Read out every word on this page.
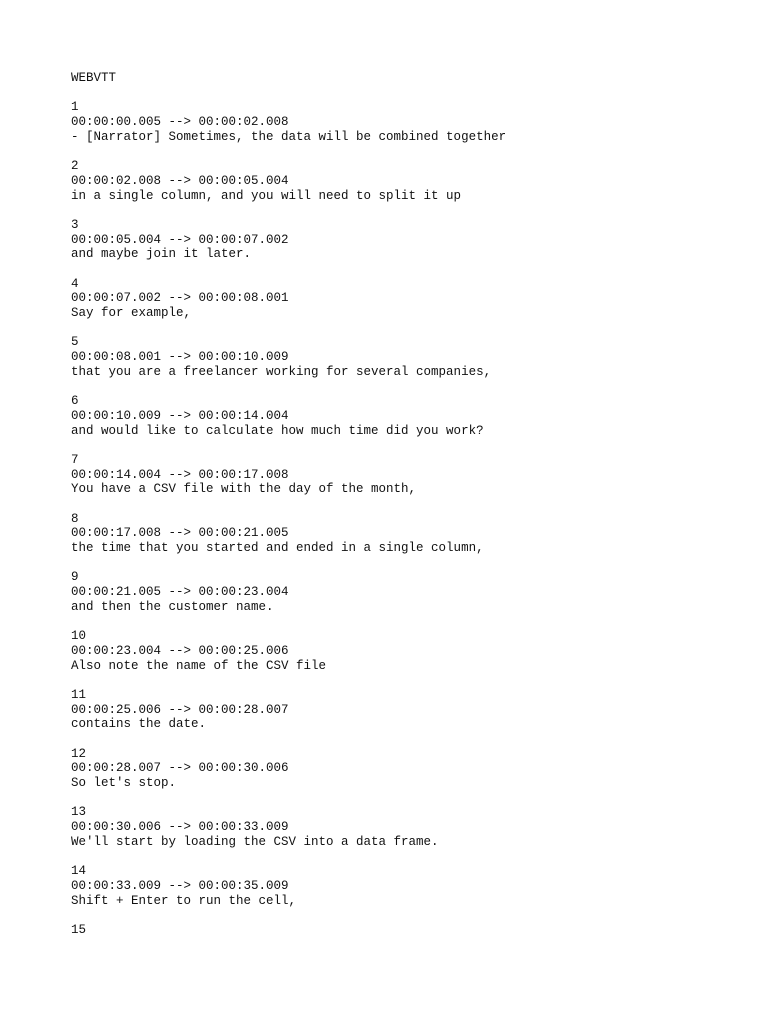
WEBVTT
1
00:00:00.005 --> 00:00:02.008
- [Narrator] Sometimes, the data will be combined together
2
00:00:02.008 --> 00:00:05.004
in a single column, and you will need to split it up
3
00:00:05.004 --> 00:00:07.002
and maybe join it later.
4
00:00:07.002 --> 00:00:08.001
Say for example,
5
00:00:08.001 --> 00:00:10.009
that you are a freelancer working for several companies,
6
00:00:10.009 --> 00:00:14.004
and would like to calculate how much time did you work?
7
00:00:14.004 --> 00:00:17.008
You have a CSV file with the day of the month,
8
00:00:17.008 --> 00:00:21.005
the time that you started and ended in a single column,
9
00:00:21.005 --> 00:00:23.004
and then the customer name.
10
00:00:23.004 --> 00:00:25.006
Also note the name of the CSV file
11
00:00:25.006 --> 00:00:28.007
contains the date.
12
00:00:28.007 --> 00:00:30.006
So let's stop.
13
00:00:30.006 --> 00:00:33.009
We'll start by loading the CSV into a data frame.
14
00:00:33.009 --> 00:00:35.009
Shift + Enter to run the cell,
15
